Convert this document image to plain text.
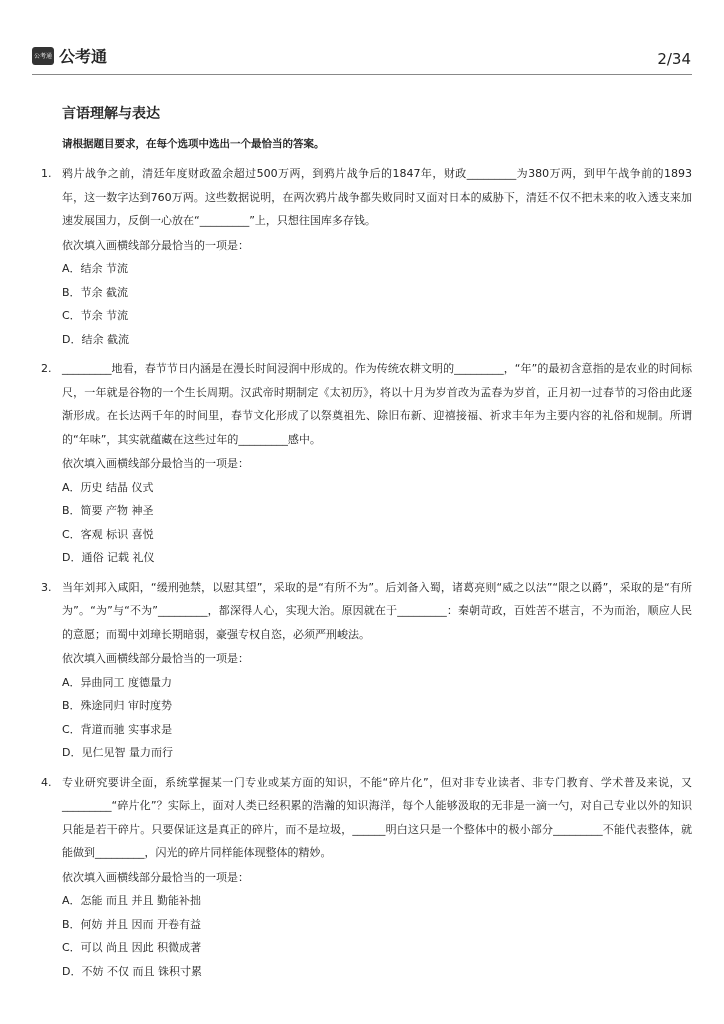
公考通 公考通	2/34
言语理解与表达
请根据题目要求，在每个选项中选出一个最恰当的答案。
1. 鸦片战争之前，清廷年度财政盈余超过500万两，到鸦片战争后的1847年，财政_________为380万两，到甲午战争前的1893年，这一数字达到760万两。这些数据说明，在两次鸦片战争都失败同时又面对日本的威胁下，清廷不仅不把未来的收入透支来加速发展国力，反倒一心放在“_________”上，只想往国库多存钱。
依次填入画横线部分最恰当的一项是：
A．结余 节流
B．节余 截流
C．节余 节流
D．结余 截流
2. _________地看，春节节日内涵是在漫长时间浸润中形成的。作为传统农耕文明的_________，“年”的最初含意指的是农业的时间标尺，一年就是谷物的一个生长周期。汉武帝时期制定《太初历》，将以十月为岁首改为孟春为岁首，正月初一过春节的习俗由此逐渐形成。在长达两千年的时间里，春节文化形成了以祭奠祖先、除旧布新、迎禧接福、祈求丰年为主要内容的礼俗和规制。所谓的“年味”，其实就蕴藏在这些过年的_________感中。
依次填入画横线部分最恰当的一项是：
A．历史 结晶 仪式
B．简要 产物 神圣
C．客观 标识 喜悦
D．通俗 记载 礼仪
3. 当年刘邦入咸阳，“缓刑弛禁，以慰其望”，采取的是“有所不为”。后刘备入蜀，诸葛亮则“威之以法”“限之以爵”，采取的是“有所为”。“为”与“不为”_________，都深得人心，实现大治。原因就在于_________：秦朝苛政，百姓苦不堪言，不为而治，顺应人民的意愿；而蜀中刘璋长期暗弱，豪强专权自恣，必须严刑峻法。
依次填入画横线部分最恰当的一项是：
A．异曲同工 度德量力
B．殊途同归 审时度势
C．背道而驰 实事求是
D．见仁见智 量力而行
4. 专业研究要讲全面，系统掌握某一门专业或某方面的知识，不能“碎片化”，但对非专业读者、非专门教育、学术普及来说，又_________“碎片化”？实际上，面对人类已经积累的浩瀚的知识海洋，每个人能够汲取的无非是一滴一勺，对自己专业以外的知识只能是若干碎片。只要保证这是真正的碎片，而不是垃圾，______明白这只是一个整体中的极小部分_________不能代表整体，就能做到_________，闪光的碎片同样能体现整体的精妙。
依次填入画横线部分最恰当的一项是：
A．怎能 而且 并且 勤能补拙
B．何妨 并且 因而 开卷有益
C．可以 尚且 因此 积微成著
D．不妨 不仅 而且 铢积寸累
